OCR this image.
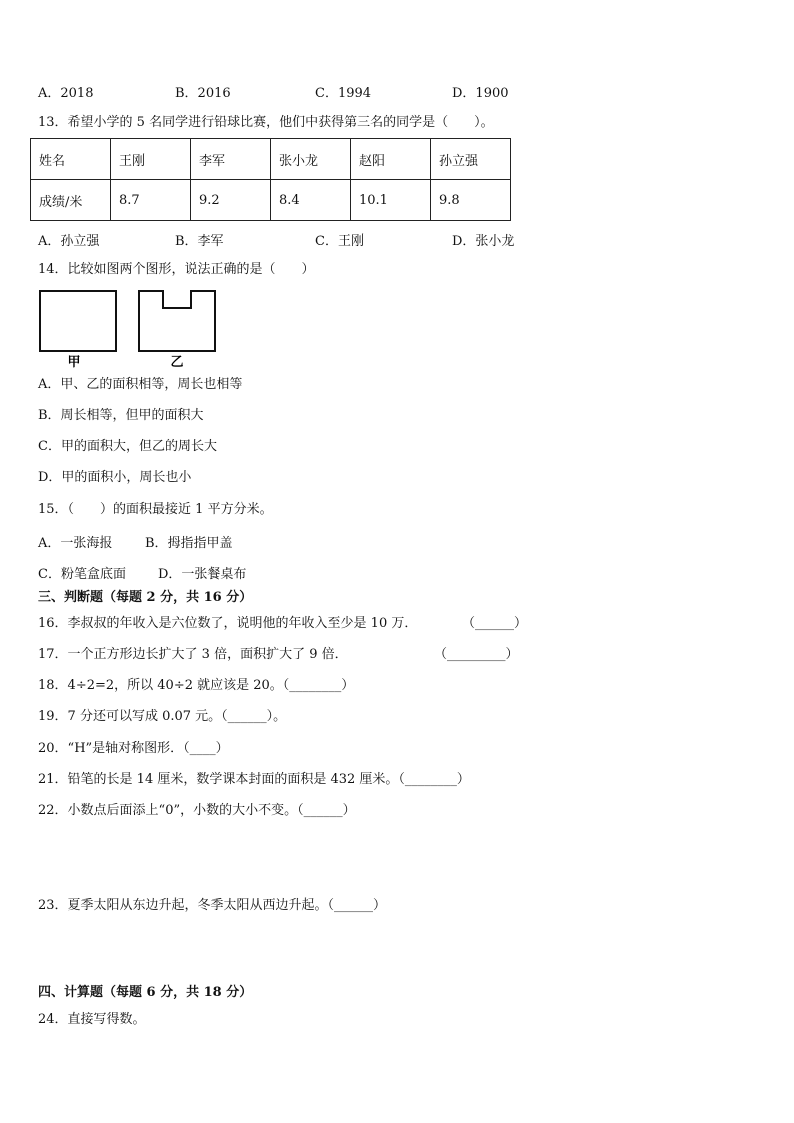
A．2018	B．2016	C．1994	D．1900
13．希望小学的 5 名同学进行铅球比赛，他们中获得第三名的同学是（　　）。
姓名	王刚	李军	张小龙	赵阳	孙立强
成绩/米	8.7	9.2	8.4	10.1	9.8
A．孙立强	B．李军	C．王刚	D．张小龙
14．比较如图两个图形，说法正确的是（　　）
甲	乙
A．甲、乙的面积相等，周长也相等
B．周长相等，但甲的面积大
C．甲的面积大，但乙的周长大
D．甲的面积小，周长也小
15．（　　）的面积最接近 1 平方分米。
A．一张海报	B．拇指指甲盖
C．粉笔盒底面 D．一张餐桌布
三、判断题（每题 2 分，共 16 分）
16．李叔叔的年收入是六位数了，说明他的年收入至少是 10 万．	（______）
17．一个正方形边长扩大了 3 倍，面积扩大了 9 倍．	（_________）
18．4÷2=2，所以 40÷2 就应该是 20。（________）
19．7 分还可以写成 0.07 元。（______）。
20．“H”是轴对称图形．（____）
21．铅笔的长是 14 厘米，数学课本封面的面积是 432 厘米。（________）
22．小数点后面添上“0”，小数的大小不变。（______）
23．夏季太阳从东边升起，冬季太阳从西边升起。（______）
四、计算题（每题 6 分，共 18 分）
24．直接写得数。
